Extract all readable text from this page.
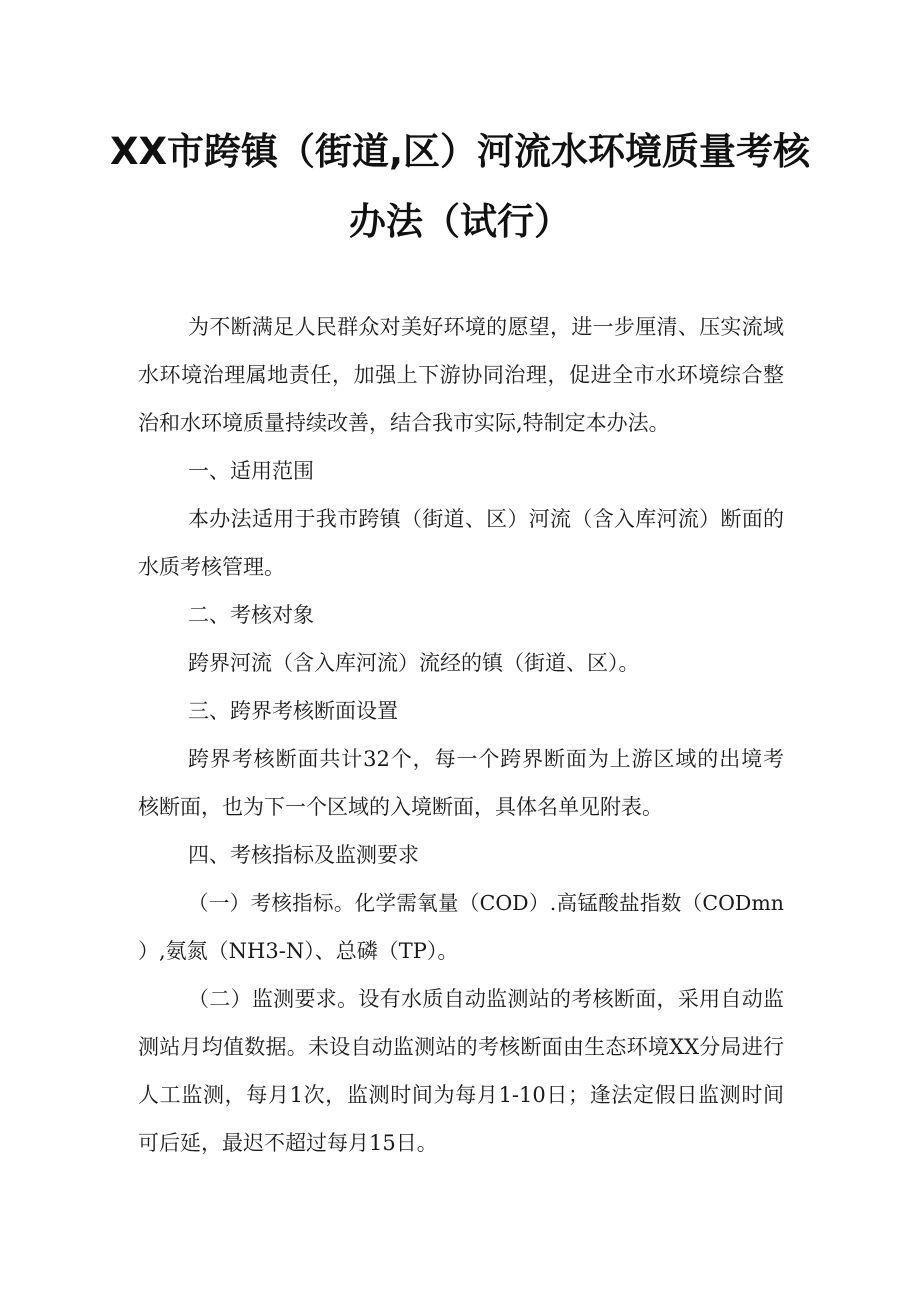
XX市跨镇（街道,区）河流水环境质量考核
办法（试行）
为不断满足人民群众对美好环境的愿望，进一步厘清、压实流域
水环境治理属地责任，加强上下游协同治理，促进全市水环境综合整
治和水环境质量持续改善，结合我市实际,特制定本办法。
一、适用范围
本办法适用于我市跨镇（街道、区）河流（含入库河流）断面的
水质考核管理。
二、考核对象
跨界河流（含入库河流）流经的镇（街道、区）。
三、跨界考核断面设置
跨界考核断面共计32个，每一个跨界断面为上游区域的出境考
核断面，也为下一个区域的入境断面，具体名单见附表。
四、考核指标及监测要求
（一）考核指标。化学需氧量（COD）.高锰酸盐指数（CODmn
）,氨氮（NH3-N）、总磷（TP）。
（二）监测要求。设有水质自动监测站的考核断面，采用自动监
测站月均值数据。未设自动监测站的考核断面由生态环境XX分局进行
人工监测，每月1次，监测时间为每月1-10日；逢法定假日监测时间
可后延，最迟不超过每月15日。
